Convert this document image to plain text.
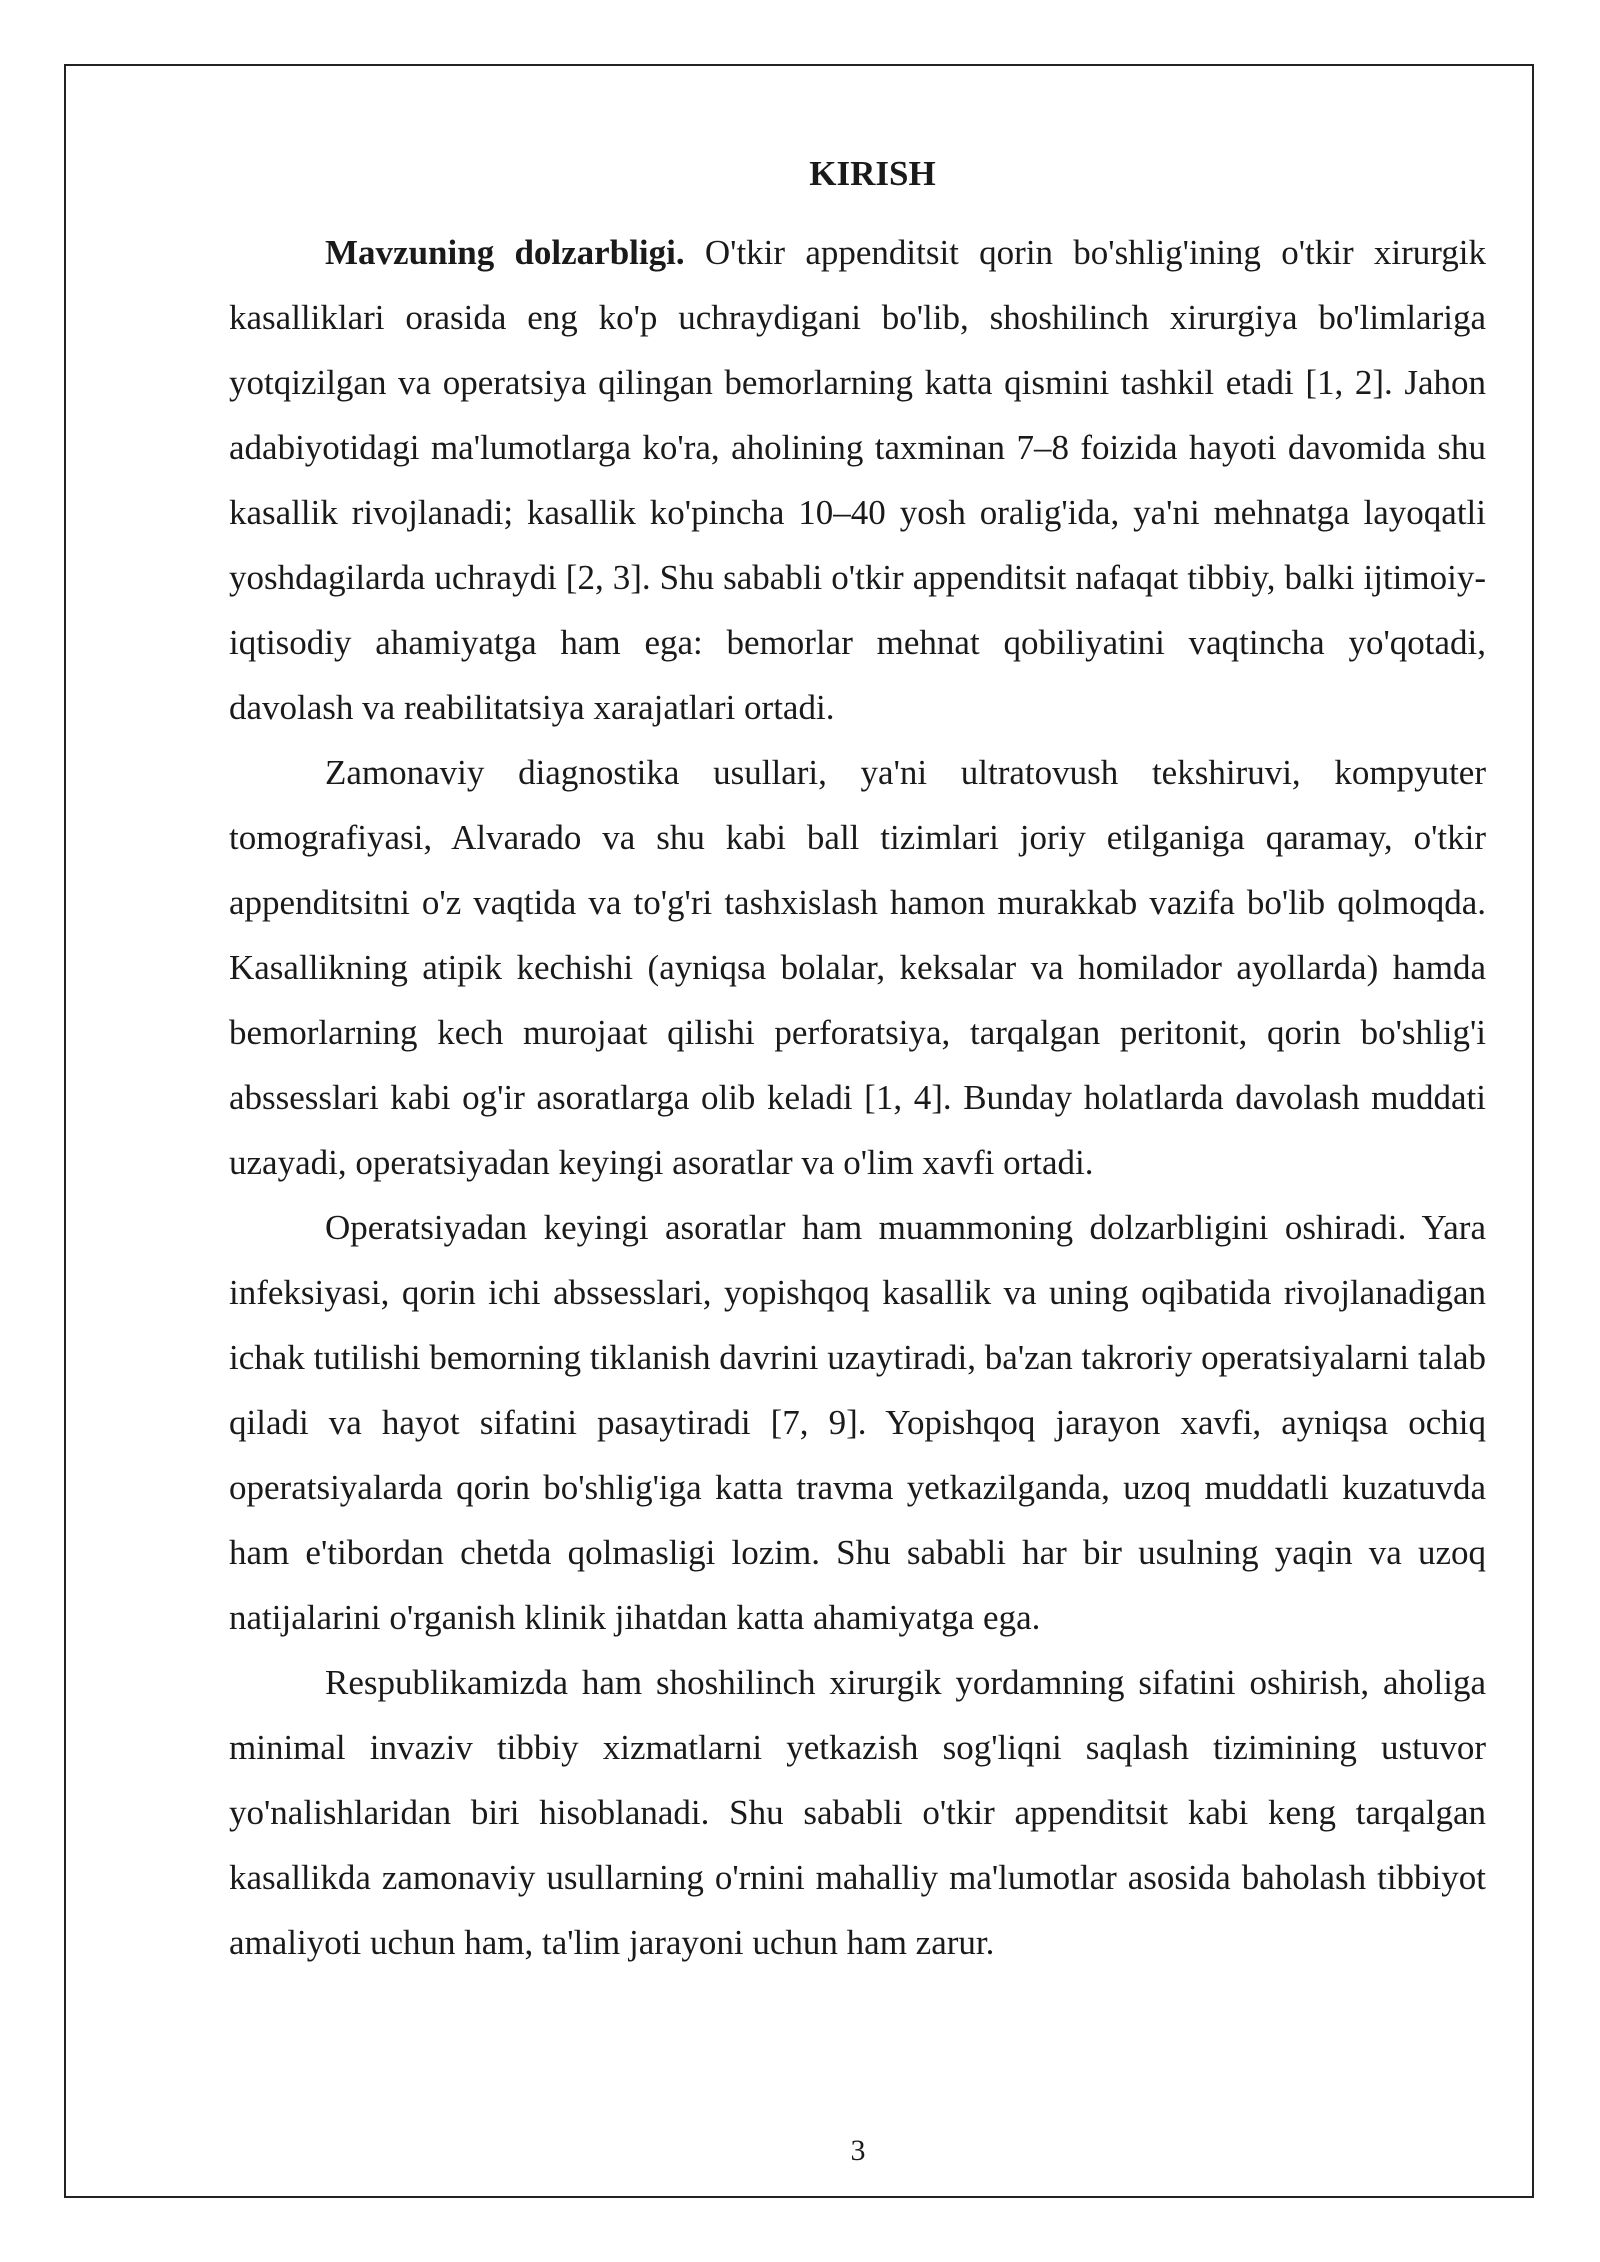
KIRISH

Mavzuning dolzarbligi. O'tkir appenditsit qorin bo'shlig'ining o'tkir xirurgik kasalliklari orasida eng ko'p uchraydigani bo'lib, shoshilinch xirurgiya bo'limlariga yotqizilgan va operatsiya qilingan bemorlarning katta qismini tashkil etadi [1, 2]. Jahon adabiyotidagi ma'lumotlarga ko'ra, aholining taxminan 7–8 foizida hayoti davomida shu kasallik rivojlanadi; kasallik ko'pincha 10–40 yosh oralig'ida, ya'ni mehnatga layoqatli yoshdagilarda uchraydi [2, 3]. Shu sababli o'tkir appenditsit nafaqat tibbiy, balki ijtimoiy-iqtisodiy ahamiyatga ham ega: bemorlar mehnat qobiliyatini vaqtincha yo'qotadi, davolash va reabilitatsiya xarajatlari ortadi.

Zamonaviy diagnostika usullari, ya'ni ultratovush tekshiruvi, kompyuter tomografiyasi, Alvarado va shu kabi ball tizimlari joriy etilganiga qaramay, o'tkir appenditsitni o'z vaqtida va to'g'ri tashxislash hamon murakkab vazifa bo'lib qolmoqda. Kasallikning atipik kechishi (ayniqsa bolalar, keksalar va homilador ayollarda) hamda bemorlarning kech murojaat qilishi perforatsiya, tarqalgan peritonit, qorin bo'shlig'i abssesslari kabi og'ir asoratlarga olib keladi [1, 4]. Bunday holatlarda davolash muddati uzayadi, operatsiyadan keyingi asoratlar va o'lim xavfi ortadi.

Operatsiyadan keyingi asoratlar ham muammoning dolzarbligini oshiradi. Yara infeksiyasi, qorin ichi abssesslari, yopishqoq kasallik va uning oqibatida rivojlanadigan ichak tutilishi bemorning tiklanish davrini uzaytiradi, ba'zan takroriy operatsiyalarni talab qiladi va hayot sifatini pasaytiradi [7, 9]. Yopishqoq jarayon xavfi, ayniqsa ochiq operatsiyalarda qorin bo'shlig'iga katta travma yetkazilganda, uzoq muddatli kuzatuvda ham e'tibordan chetda qolmasligi lozim. Shu sababli har bir usulning yaqin va uzoq natijalarini o'rganish klinik jihatdan katta ahamiyatga ega.

Respublikamizda ham shoshilinch xirurgik yordamning sifatini oshirish, aholiga minimal invaziv tibbiy xizmatlarni yetkazish sog'liqni saqlash tizimining ustuvor yo'nalishlaridan biri hisoblanadi. Shu sababli o'tkir appenditsit kabi keng tarqalgan kasallikda zamonaviy usullarning o'rnini mahalliy ma'lumotlar asosida baholash tibbiyot amaliyoti uchun ham, ta'lim jarayoni uchun ham zarur.

3
